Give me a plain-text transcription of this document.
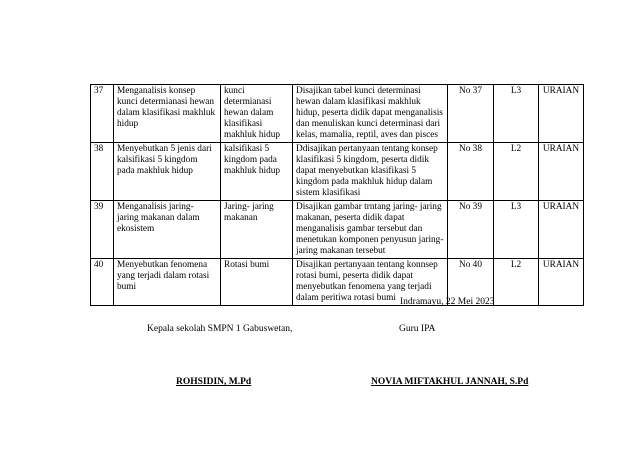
37	Menganalisis konsep kunci determianasi hewan dalam klasifikasi makhluk hidup	kunci determianasi hewan dalam klasifikasi makhluk hidup	Disajikan tabel kunci determinasi hewan dalam klasifikasi makhluk hidup, peserta didik dapat menganalisis dan menuliskan kunci determinasi dari kelas, mamalia, reptil, aves dan pisces	No 37	L3	URAIAN
38	Menyebutkan 5 jenis dari kalsifikasi 5 kingdom pada makhluk hidup	kalsifikasi 5 kingdom pada makhluk hidup	Ddisajikan pertanyaan tentang konsep klasifikasi 5 kingdom, peserta didik dapat menyebutkan klasifikasi 5 kingdom pada makhluk hidup dalam sistem klasifikasi	No 38	L2	URAIAN
39	Menganalisis jaring- jaring makanan dalam ekosistem	Jaring- jaring makanan	Disajikan gambar trntang jaring- jaring makanan, peserta didik dapat menganalisis gambar tersebut dan menetukan komponen penyusun jaring-jaring makanan tersebut	No 39	L3	URAIAN
40	Menyebutkan fenomena yang terjadi dalam rotasi bumi	Rotasi bumi	Disajikan pertanyaan tentang konnsep rotasi bumi, peserta didik dapat menyebutkan fenomena yang terjadi dalam peritiwa rotasi bumi	No 40	L2	URAIAN
Indramayu, 22 Mei 2023
Kepala sekolah SMPN 1 Gabuswetan,	Guru IPA
ROHSIDIN, M.Pd	NOVIA MIFTAKHUL JANNAH, S.Pd
